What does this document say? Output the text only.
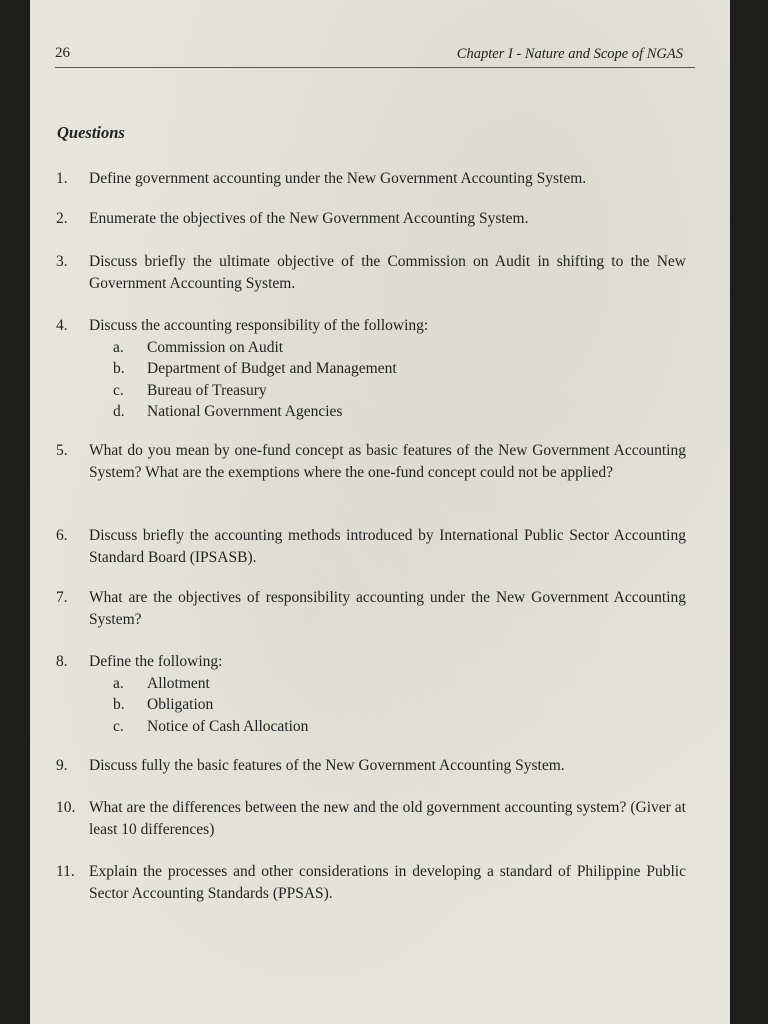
26	Chapter I - Nature and Scope of NGAS
Questions
1. Define government accounting under the New Government Accounting System.
2. Enumerate the objectives of the New Government Accounting System.
3. Discuss briefly the ultimate objective of the Commission on Audit in shifting to the New Government Accounting System.
4. Discuss the accounting responsibility of the following:
a.	Commission on Audit
b.	Department of Budget and Management
c.	Bureau of Treasury
d.	National Government Agencies
5. What do you mean by one-fund concept as basic features of the New Government Accounting System? What are the exemptions where the one-fund concept could not be applied?
6. Discuss briefly the accounting methods introduced by International Public Sector Accounting Standard Board (IPSASB).
7. What are the objectives of responsibility accounting under the New Government Accounting System?
8. Define the following:
a.	Allotment
b.	Obligation
c.	Notice of Cash Allocation
9. Discuss fully the basic features of the New Government Accounting System.
10. What are the differences between the new and the old government accounting system? (Giver at least 10 differences)
11. Explain the processes and other considerations in developing a standard of Philippine Public Sector Accounting Standards (PPSAS).
